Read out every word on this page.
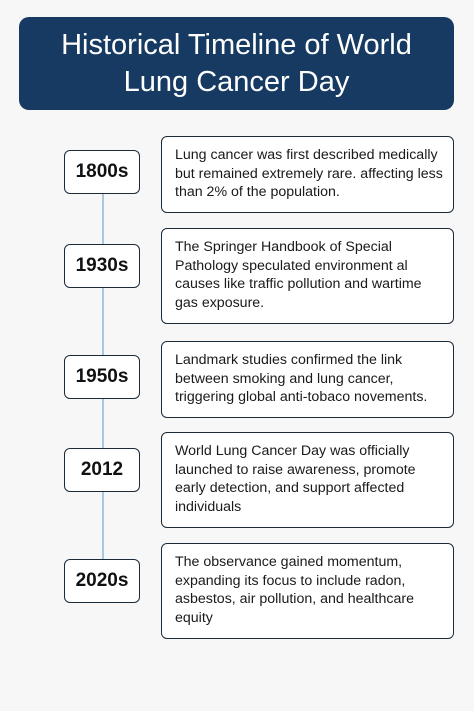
Historical Timeline of World Lung Cancer Day
1800s
Lung cancer was first described medically but remained extremely rare. affecting less than 2% of the population.
1930s
The Springer Handbook of Special Pathology speculated environment al causes like traffic pollution and wartime gas exposure.
1950s
Landmark studies confirmed the link between smoking and lung cancer, triggering global anti-tobaco novements.
2012
World Lung Cancer Day was officially launched to raise awareness, promote early detection, and support affected individuals
2020s
The observance gained momentum, expanding its focus to include radon, asbestos, air pollution, and healthcare equity
